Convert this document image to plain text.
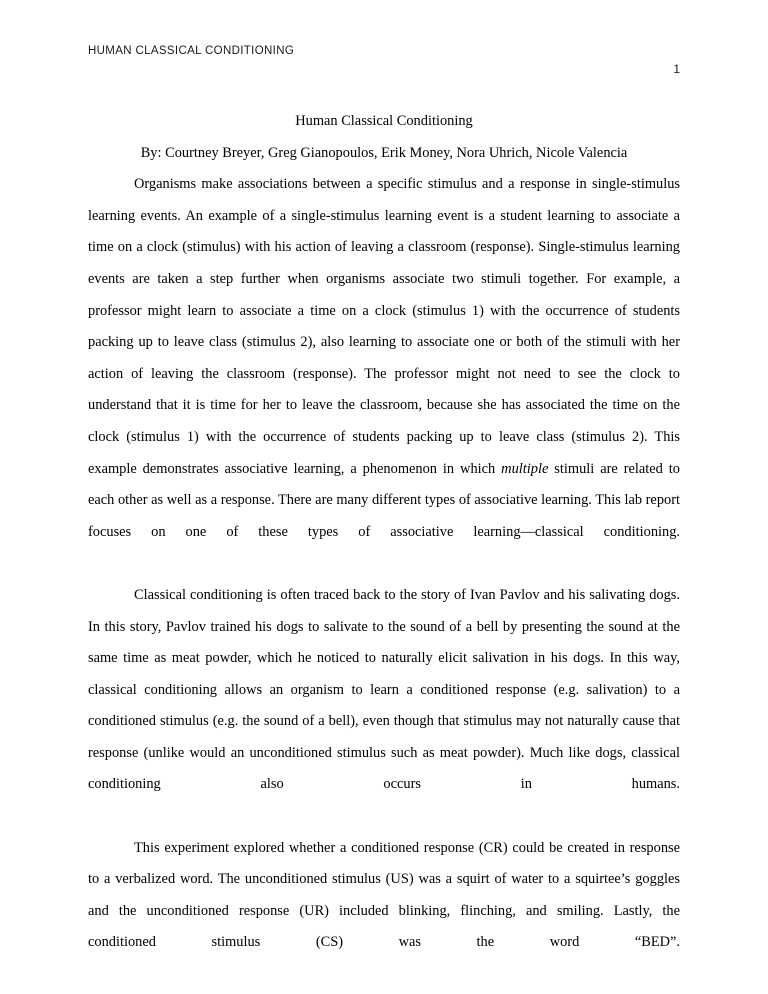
HUMAN CLASSICAL CONDITIONING
1

Human Classical Conditioning

By: Courtney Breyer, Greg Gianopoulos, Erik Money, Nora Uhrich, Nicole Valencia

Organisms make associations between a specific stimulus and a response in single-stimulus learning events. An example of a single-stimulus learning event is a student learning to associate a time on a clock (stimulus) with his action of leaving a classroom (response). Single-stimulus learning events are taken a step further when organisms associate two stimuli together. For example, a professor might learn to associate a time on a clock (stimulus 1) with the occurrence of students packing up to leave class (stimulus 2), also learning to associate one or both of the stimuli with her action of leaving the classroom (response). The professor might not need to see the clock to understand that it is time for her to leave the classroom, because she has associated the time on the clock (stimulus 1) with the occurrence of students packing up to leave class (stimulus 2). This example demonstrates associative learning, a phenomenon in which multiple stimuli are related to each other as well as a response. There are many different types of associative learning. This lab report focuses on one of these types of associative learning—classical conditioning.

Classical conditioning is often traced back to the story of Ivan Pavlov and his salivating dogs. In this story, Pavlov trained his dogs to salivate to the sound of a bell by presenting the sound at the same time as meat powder, which he noticed to naturally elicit salivation in his dogs. In this way, classical conditioning allows an organism to learn a conditioned response (e.g. salivation) to a conditioned stimulus (e.g. the sound of a bell), even though that stimulus may not naturally cause that response (unlike would an unconditioned stimulus such as meat powder). Much like dogs, classical conditioning also occurs in humans.

This experiment explored whether a conditioned response (CR) could be created in response to a verbalized word. The unconditioned stimulus (US) was a squirt of water to a squirtee’s goggles and the unconditioned response (UR) included blinking, flinching, and smiling. Lastly, the conditioned stimulus (CS) was the word “BED”.
